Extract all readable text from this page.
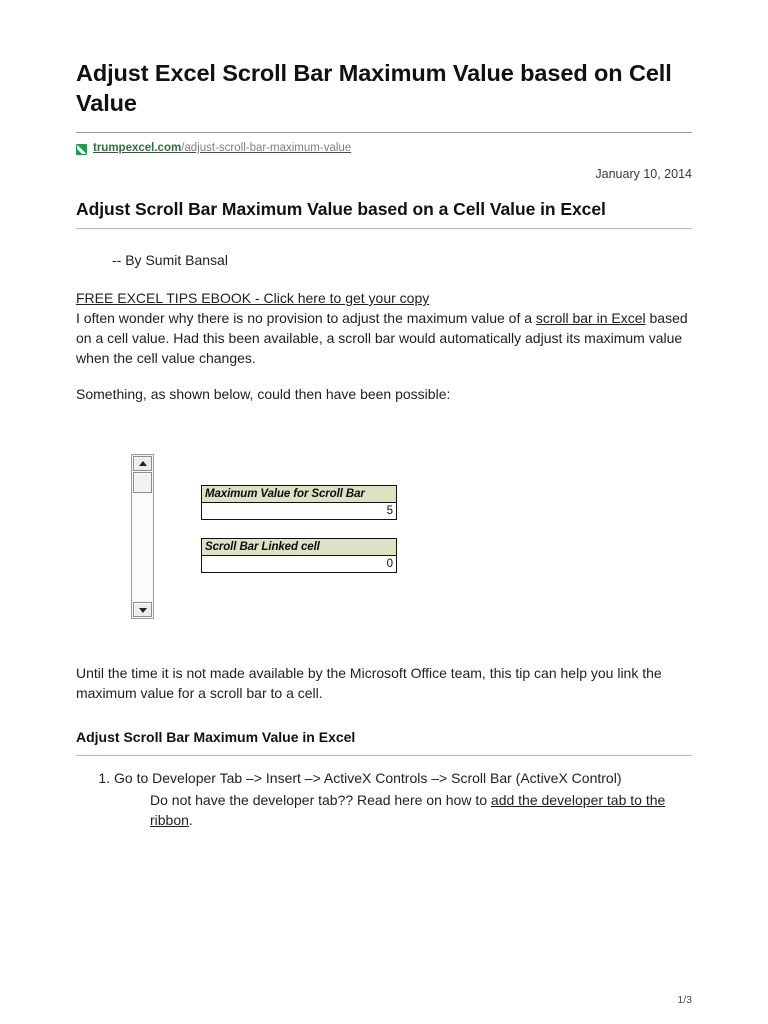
Adjust Excel Scroll Bar Maximum Value based on Cell Value
trumpexcel.com/adjust-scroll-bar-maximum-value
January 10, 2014
Adjust Scroll Bar Maximum Value based on a Cell Value in Excel
-- By Sumit Bansal
FREE EXCEL TIPS EBOOK - Click here to get your copy

I often wonder why there is no provision to adjust the maximum value of a scroll bar in Excel based on a cell value. Had this been available, a scroll bar would automatically adjust its maximum value when the cell value changes.

Something, as shown below, could then have been possible:

Maximum Value for Scroll Bar
5
Scroll Bar Linked cell
0

Until the time it is not made available by the Microsoft Office team, this tip can help you link the maximum value for a scroll bar to a cell.

Adjust Scroll Bar Maximum Value in Excel
1. Go to Developer Tab –> Insert –> ActiveX Controls –> Scroll Bar (ActiveX Control)
Do not have the developer tab?? Read here on how to add the developer tab to the ribbon.
1/3
